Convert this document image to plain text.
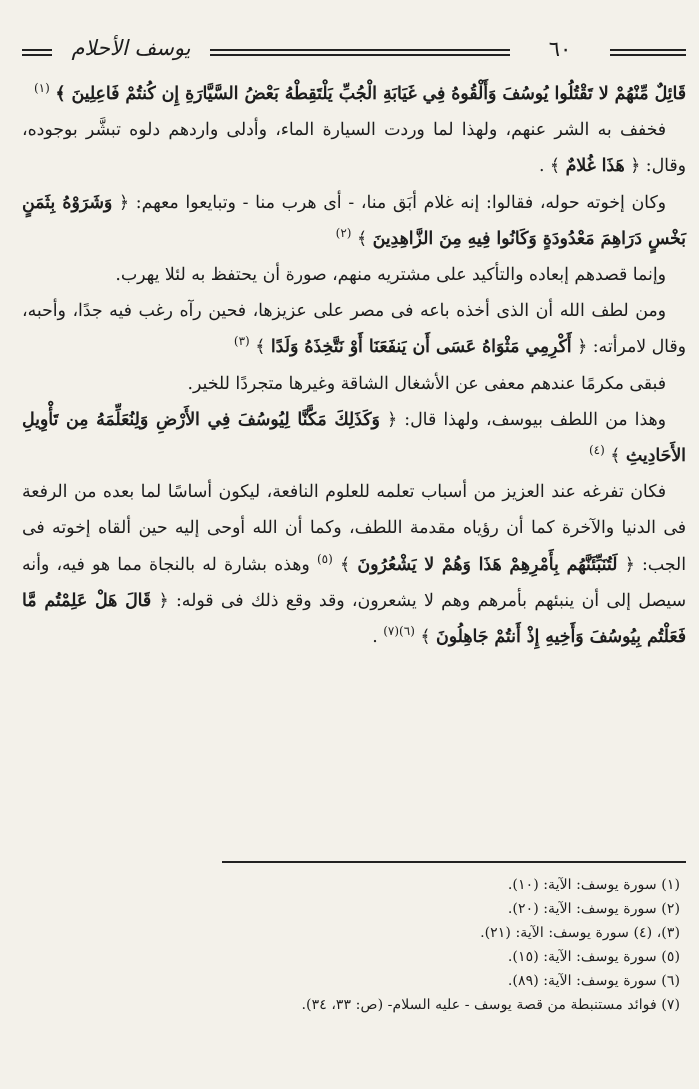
يوسف الأحلام	٦٠

قَائِلٌ مِّنْهُمْ لا تَقْتُلُوا يُوسُفَ وَأَلْقُوهُ فِي غَيَابَةِ الْجُبِّ يَلْتَقِطْهُ بَعْضُ السَّيَّارَةِ إِن كُنتُمْ فَاعِلِينَ ﴾ $^{(١)}$

فخفف به الشر عنهم، ولهذا لما وردت السيارة الماء، وأدلى واردهم دلوه تبشَّر بوجوده، وقال: ﴿ هَذَا غُلامٌ ﴾ .

وكان إخوته حوله، فقالوا: إنه غلام أبَق منا، - أى هرب منا - وتبايعوا معهم: ﴿ وَشَرَوْهُ بِثَمَنٍ بَخْسٍ دَرَاهِمَ مَعْدُودَةٍ وَكَانُوا فِيهِ مِنَ الزَّاهِدِينَ ﴾ $^{(٢)}$

وإنما قصدهم إبعاده والتأكيد على مشتريه منهم، صورة أن يحتفظ به لئلا يهرب.

ومن لطف الله أن الذى أخذه باعه فى مصر على عزيزها، فحين رآه رغب فيه جدًا، وأحبه، وقال لامرأته: ﴿ أَكْرِمِي مَثْوَاهُ عَسَى أَن يَنفَعَنَا أَوْ نَتَّخِذَهُ وَلَدًا ﴾ $^{(٣)}$

فبقى مكرمًا عندهم معفى عن الأشغال الشاقة وغيرها متجردًا للخير.

وهذا من اللطف بيوسف، ولهذا قال: ﴿ وَكَذَلِكَ مَكَّنَّا لِيُوسُفَ فِي الأَرْضِ وَلِنُعَلِّمَهُ مِن تَأْوِيلِ الأَحَادِيثِ ﴾ $^{(٤)}$

فكان تفرغه عند العزيز من أسباب تعلمه للعلوم النافعة، ليكون أساسًا لما بعده من الرفعة فى الدنيا والآخرة كما أن رؤياه مقدمة اللطف، وكما أن الله أوحى إليه حين ألقاه إخوته فى الجب: ﴿ لَتُنَبِّئَنَّهُم بِأَمْرِهِمْ هَذَا وَهُمْ لا يَشْعُرُونَ ﴾ $^{(٥)}$ وهذه بشارة له بالنجاة مما هو فيه، وأنه سيصل إلى أن ينبئهم بأمرهم وهم لا يشعرون، وقد وقع ذلك فى قوله: ﴿ قَالَ هَلْ عَلِمْتُم مَّا فَعَلْتُم بِيُوسُفَ وَأَخِيهِ إِذْ أَنتُمْ جَاهِلُونَ ﴾ $^{(٦)(٧)}$ .

(١) سورة يوسف: الآية: (١٠).
(٢) سورة يوسف: الآية: (٢٠).
(٣)، (٤) سورة يوسف: الآية: (٢١).
(٥) سورة يوسف: الآية: (١٥).
(٦) سورة يوسف: الآية: (٨٩).
(٧) فوائد مستنبطة من قصة يوسف - عليه السلام- (ص: ٣٣، ٣٤).
